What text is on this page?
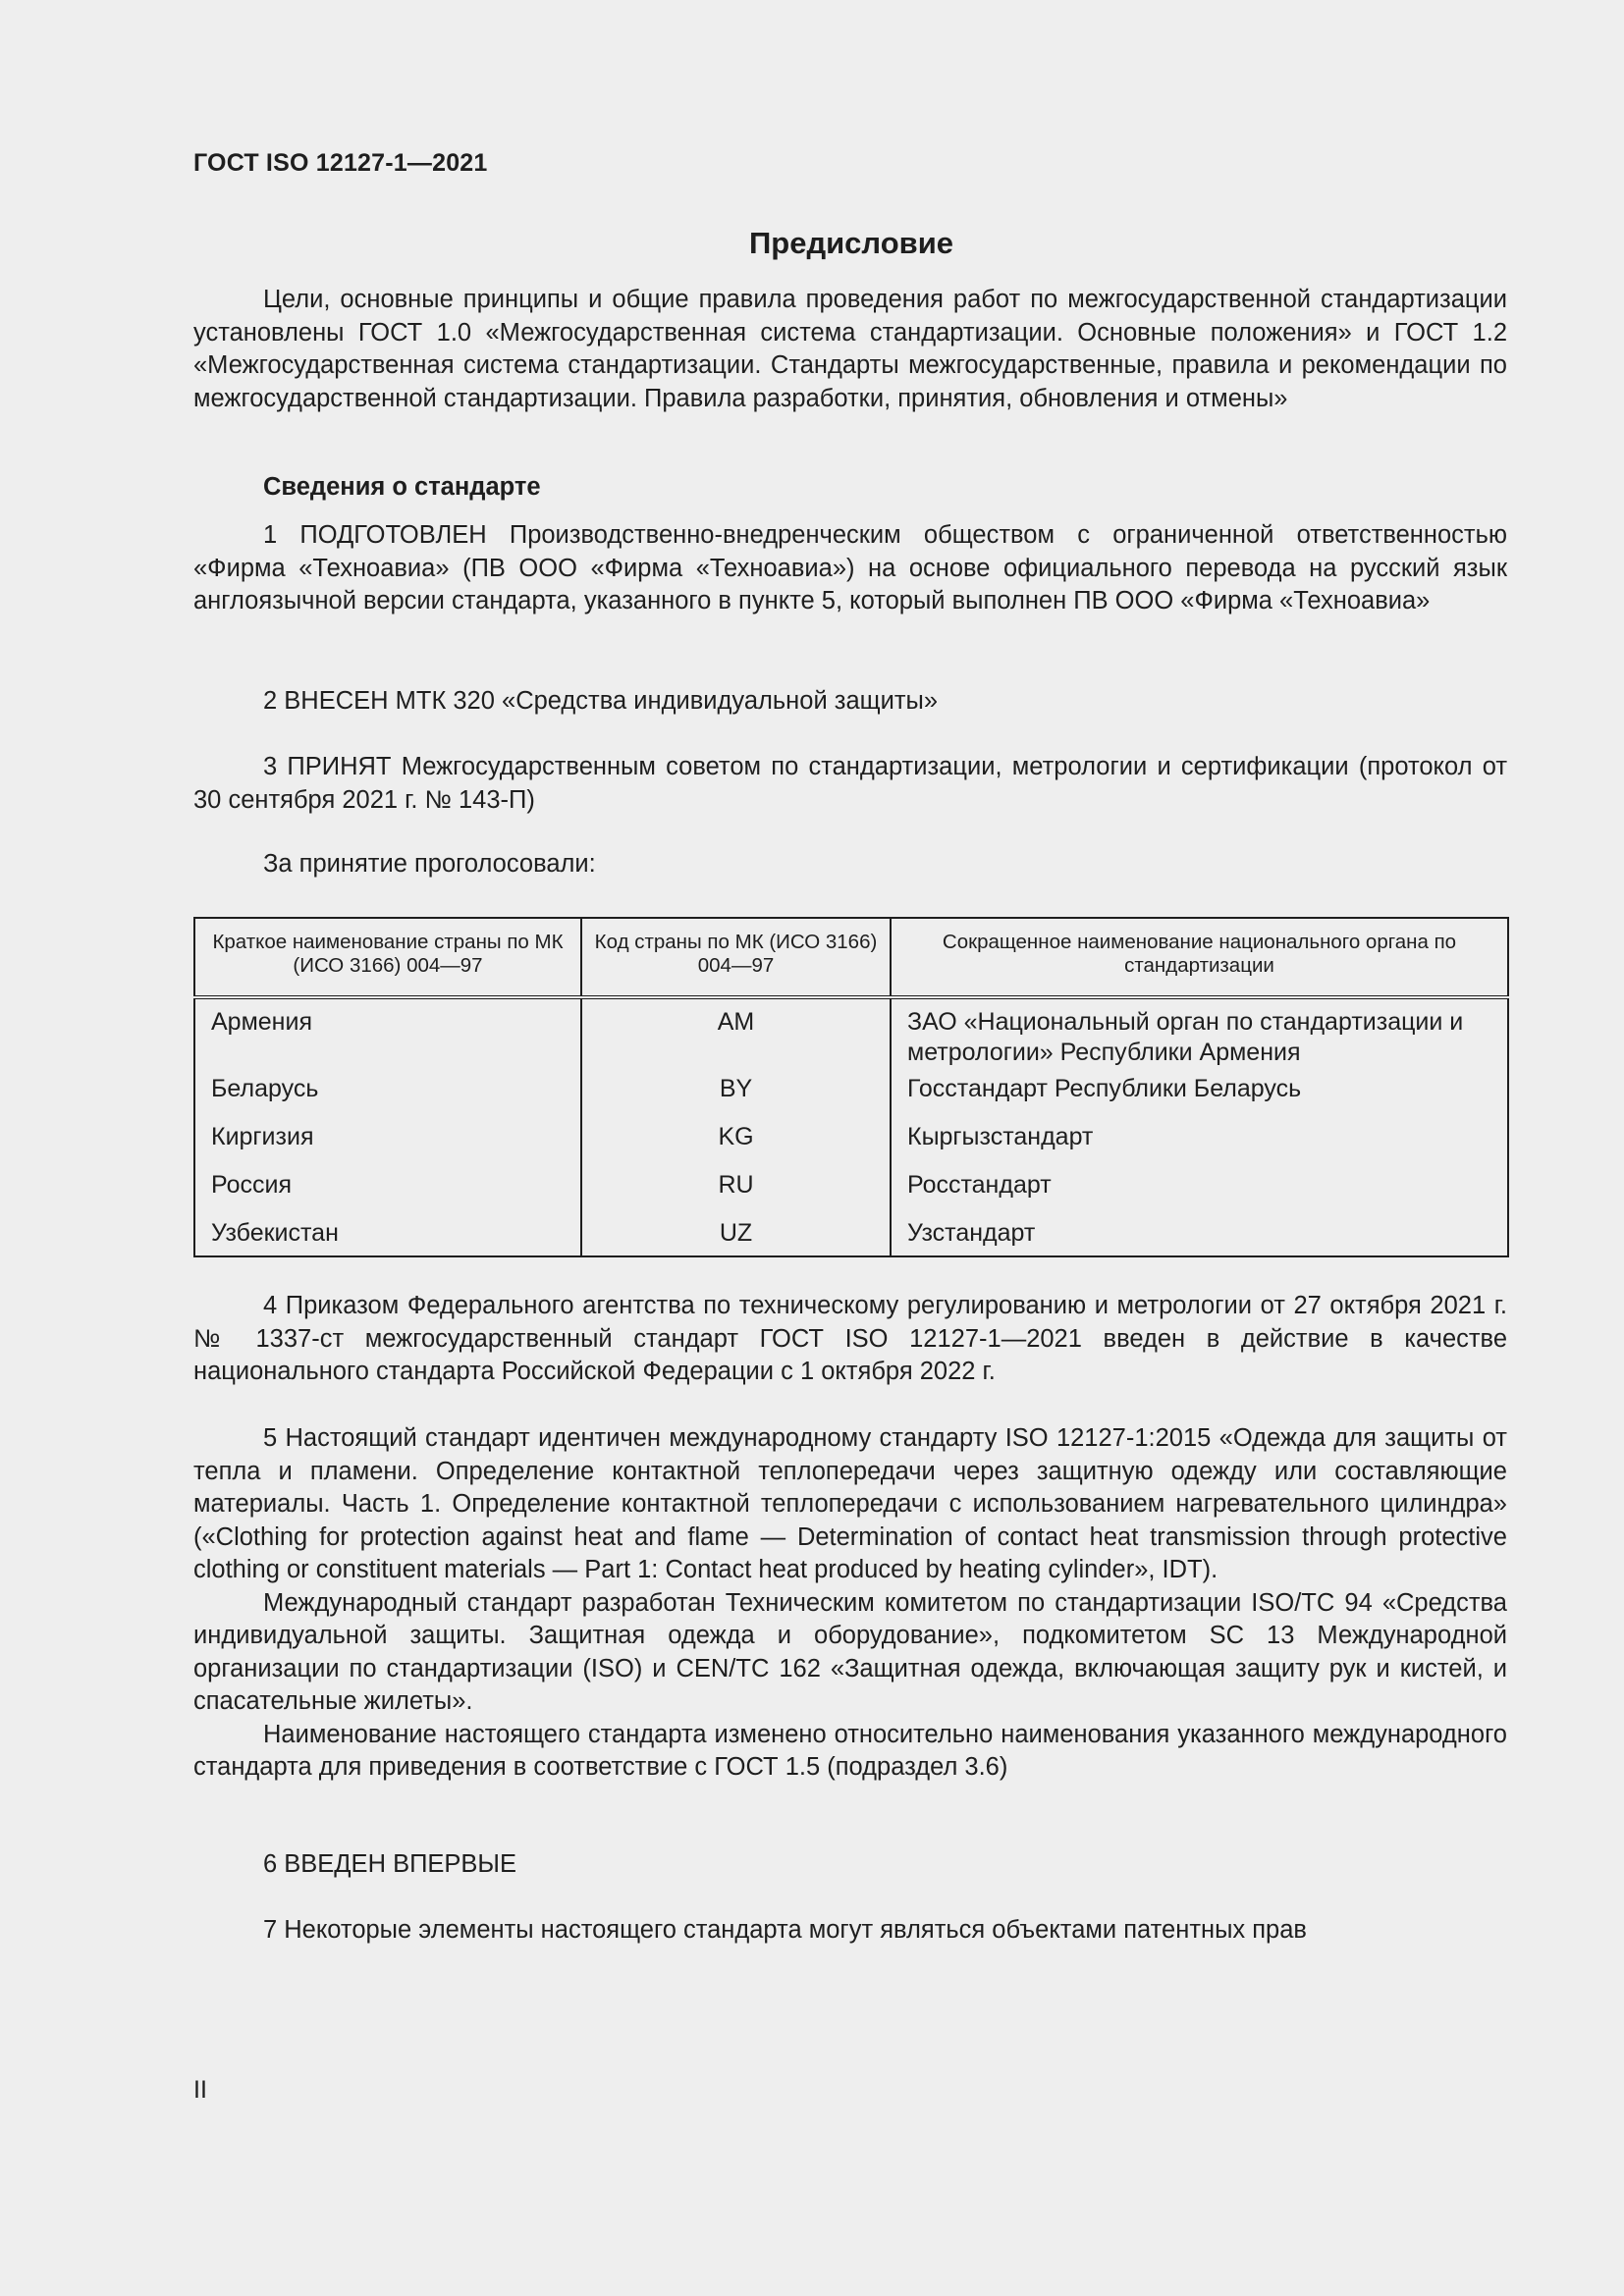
ГОСТ ISO 12127-1—2021
Предисловие

Цели, основные принципы и общие правила проведения работ по межгосударственной стандартизации установлены ГОСТ 1.0 «Межгосударственная система стандартизации. Основные положения» и ГОСТ 1.2 «Межгосударственная система стандартизации. Стандарты межгосударственные, правила и рекомендации по межгосударственной стандартизации. Правила разработки, принятия, обновления и отмены»

Сведения о стандарте

1 ПОДГОТОВЛЕН Производственно-внедренческим обществом с ограниченной ответственностью «Фирма «Техноавиа» (ПВ ООО «Фирма «Техноавиа») на основе официального перевода на русский язык англоязычной версии стандарта, указанного в пункте 5, который выполнен ПВ ООО «Фирма «Техноавиа»

2 ВНЕСЕН МТК 320 «Средства индивидуальной защиты»

3 ПРИНЯТ Межгосударственным советом по стандартизации, метрологии и сертификации (протокол от 30 сентября 2021 г. № 143-П)

За принятие проголосовали:
Краткое наименование страны по МК (ИСО 3166) 004—97	Код страны по МК (ИСО 3166) 004—97	Сокращенное наименование национального органа по стандартизации
Армения	AM	ЗАО «Национальный орган по стандартизации и метрологии» Республики Армения
Беларусь	BY	Госстандарт Республики Беларусь
Киргизия	KG	Кыргызстандарт
Россия	RU	Росстандарт
Узбекистан	UZ	Узстандарт

4 Приказом Федерального агентства по техническому регулированию и метрологии от 27 октября 2021 г. № 1337-ст межгосударственный стандарт ГОСТ ISO 12127-1—2021 введен в действие в качестве национального стандарта Российской Федерации с 1 октября 2022 г.

5 Настоящий стандарт идентичен международному стандарту ISO 12127-1:2015 «Одежда для защиты от тепла и пламени. Определение контактной теплопередачи через защитную одежду или составляющие материалы. Часть 1. Определение контактной теплопередачи с использованием нагревательного цилиндра» («Clothing for protection against heat and flame — Determination of contact heat transmission through protective clothing or constituent materials — Part 1: Contact heat produced by heating cylinder», IDT).

Международный стандарт разработан Техническим комитетом по стандартизации ISO/TC 94 «Средства индивидуальной защиты. Защитная одежда и оборудование», подкомитетом SC 13 Международной организации по стандартизации (ISO) и CEN/TC 162 «Защитная одежда, включающая защиту рук и кистей, и спасательные жилеты».

Наименование настоящего стандарта изменено относительно наименования указанного международного стандарта для приведения в соответствие с ГОСТ 1.5 (подраздел 3.6)

6 ВВЕДЕН ВПЕРВЫЕ
7 Некоторые элементы настоящего стандарта могут являться объектами патентных прав
II
